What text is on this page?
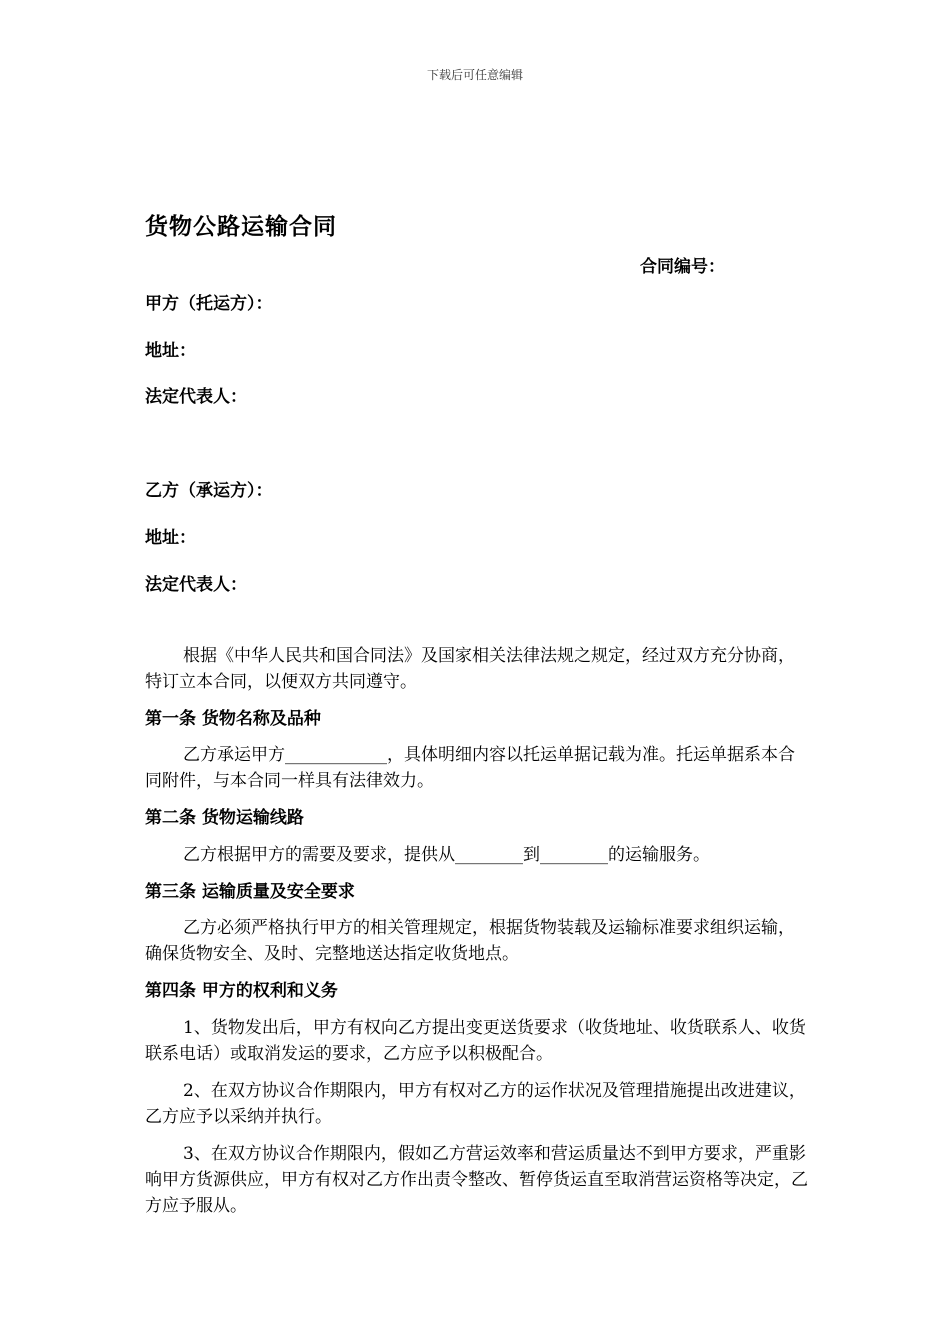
下载后可任意编辑
货物公路运输合同
合同编号：
甲方（托运方）：
地址：
法定代表人：
乙方（承运方）：
地址：
法定代表人：

根据《中华人民共和国合同法》及国家相关法律法规之规定，经过双方充分协商，特订立本合同，以便双方共同遵守。

第一条 货物名称及品种

乙方承运甲方____________，具体明细内容以托运单据记载为准。托运单据系本合同附件，与本合同一样具有法律效力。

第二条 货物运输线路

乙方根据甲方的需要及要求，提供从________到________的运输服务。

第三条 运输质量及安全要求

乙方必须严格执行甲方的相关管理规定，根据货物装载及运输标准要求组织运输，确保货物安全、及时、完整地送达指定收货地点。

第四条 甲方的权利和义务

1、货物发出后，甲方有权向乙方提出变更送货要求（收货地址、收货联系人、收货联系电话）或取消发运的要求，乙方应予以积极配合。

2、在双方协议合作期限内，甲方有权对乙方的运作状况及管理措施提出改进建议，乙方应予以采纳并执行。

3、在双方协议合作期限内，假如乙方营运效率和营运质量达不到甲方要求，严重影响甲方货源供应，甲方有权对乙方作出责令整改、暂停货运直至取消营运资格等决定，乙方应予服从。
